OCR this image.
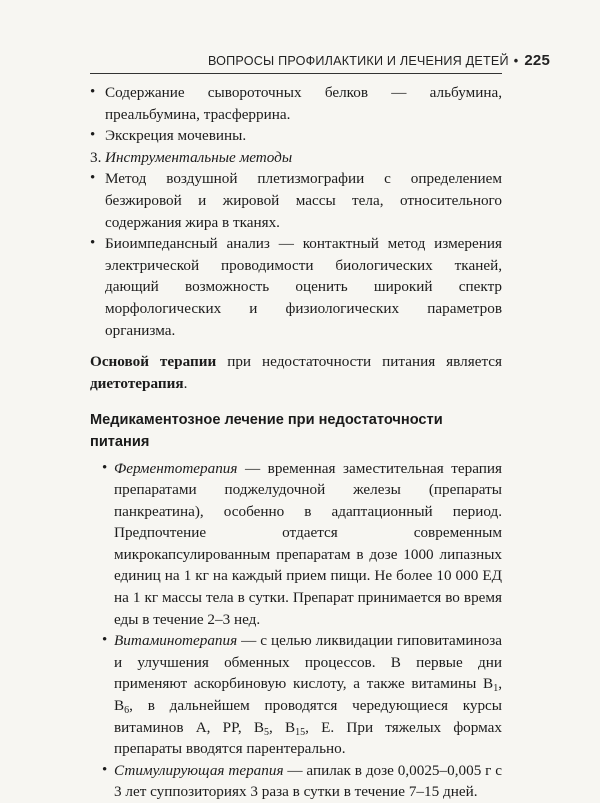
ВОПРОСЫ ПРОФИЛАКТИКИ И ЛЕЧЕНИЯ ДЕТЕЙ • 225
• Содержание сывороточных белков — альбумина, преальбумина, трасферрина.
• Экскреция мочевины.
3. Инструментальные методы
• Метод воздушной плетизмографии с определением безжировой и жировой массы тела, относительного содержания жира в тканях.
• Биоимпедансный анализ — контактный метод измерения электрической проводимости биологических тканей, дающий возможность оценить широкий спектр морфологических и физиологических параметров организма.
Основой терапии при недостаточности питания является диетотерапия.
Медикаментозное лечение при недостаточности питания
• Ферментотерапия — временная заместительная терапия препаратами поджелудочной железы (препараты панкреатина), особенно в адаптационный период. Предпочтение отдается современным микрокапсулированным препаратам в дозе 1000 липазных единиц на 1 кг на каждый прием пищи. Не более 10 000 ЕД на 1 кг массы тела в сутки. Препарат принимается во время еды в течение 2–3 нед.
• Витаминотерапия — с целью ликвидации гиповитаминоза и улучшения обменных процессов. В первые дни применяют аскорбиновую кислоту, а также витамины $B_1$, $B_6$, в дальнейшем проводятся чередующиеся курсы витаминов A, PP, $B_5$, $B_{15}$, E. При тяжелых формах препараты вводятся парентерально.
• Стимулирующая терапия — апилак в дозе 0,0025–0,005 г с 3 лет суппозиториях 3 раза в сутки в течение 7–15 дней.
